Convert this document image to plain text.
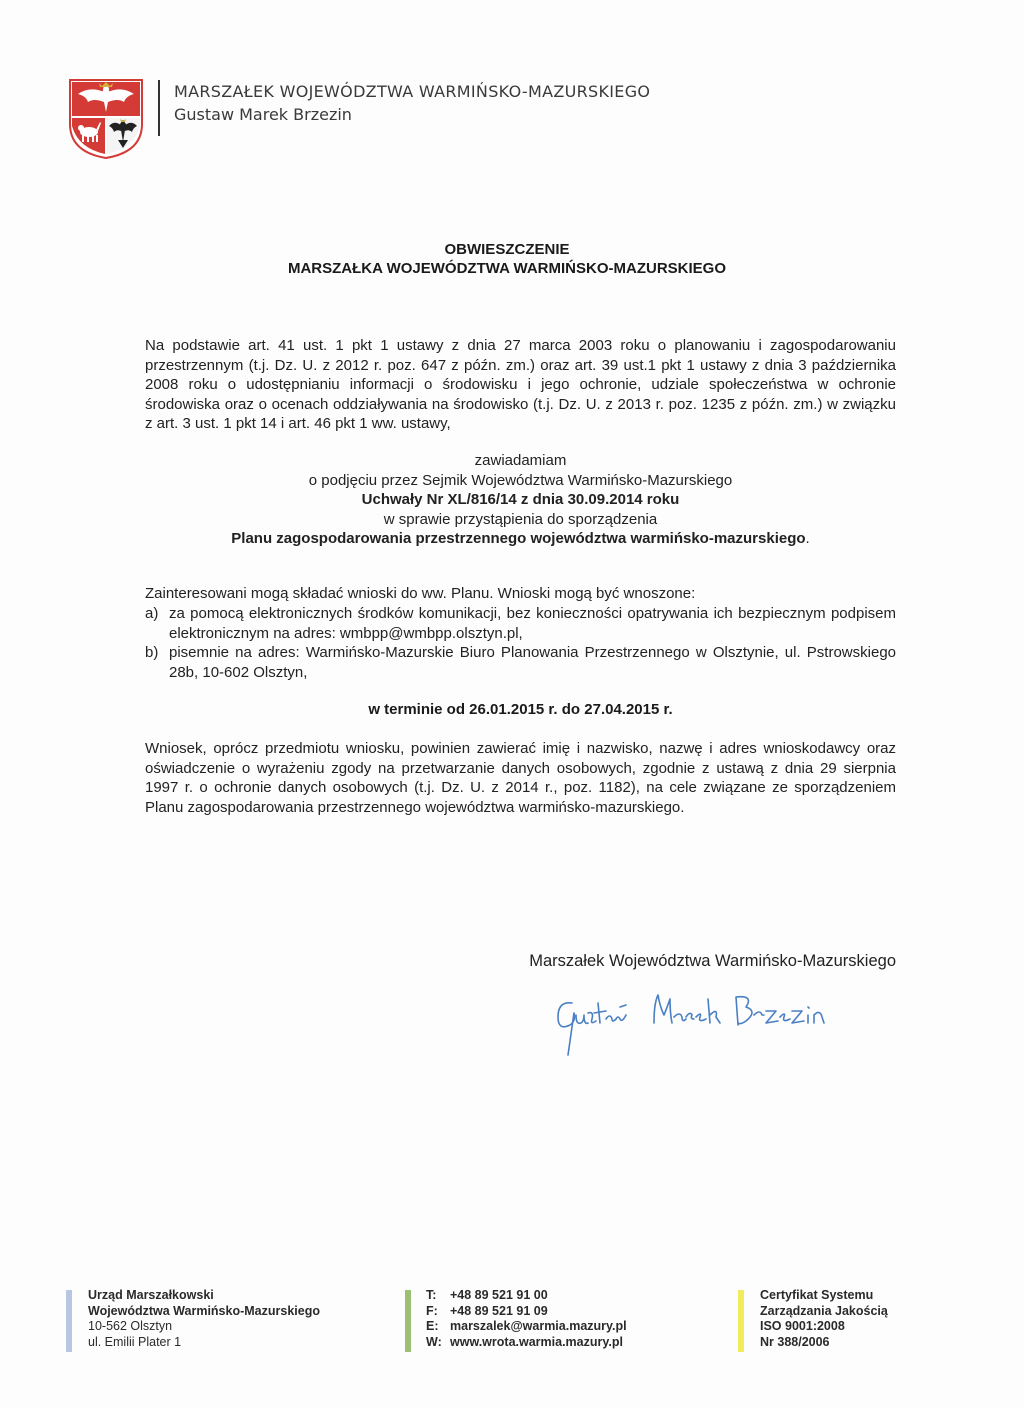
MARSZAŁEK WOJEWÓDZTWA WARMIŃSKO-MAZURSKIEGO
Gustaw Marek Brzezin
OBWIESZCZENIE
MARSZAŁKA WOJEWÓDZTWA WARMIŃSKO-MAZURSKIEGO
Na podstawie art. 41 ust. 1 pkt 1 ustawy z dnia 27 marca 2003 roku o planowaniu i zagospodarowaniu przestrzennym (t.j. Dz. U. z 2012 r. poz. 647 z późn. zm.) oraz art. 39 ust.1 pkt 1 ustawy z dnia 3 października 2008 roku o udostępnianiu informacji o środowisku i jego ochronie, udziale społeczeństwa w ochronie środowiska oraz o ocenach oddziaływania na środowisko (t.j. Dz. U. z 2013 r. poz. 1235 z późn. zm.) w związku z art. 3 ust. 1 pkt 14 i art. 46 pkt 1 ww. ustawy,
zawiadamiam
o podjęciu przez Sejmik Województwa Warmińsko-Mazurskiego
Uchwały Nr XL/816/14 z dnia 30.09.2014 roku
w sprawie przystąpienia do sporządzenia
Planu zagospodarowania przestrzennego województwa warmińsko-mazurskiego.
Zainteresowani mogą składać wnioski do ww. Planu. Wnioski mogą być wnoszone:
a) za pomocą elektronicznych środków komunikacji, bez konieczności opatrywania ich bezpiecznym podpisem elektronicznym na adres: wmbpp@wmbpp.olsztyn.pl,
b) pisemnie na adres: Warmińsko-Mazurskie Biuro Planowania Przestrzennego w Olsztynie, ul. Pstrowskiego 28b, 10-602 Olsztyn,
w terminie od 26.01.2015 r. do 27.04.2015 r.
Wniosek, oprócz przedmiotu wniosku, powinien zawierać imię i nazwisko, nazwę i adres wnioskodawcy oraz oświadczenie o wyrażeniu zgody na przetwarzanie danych osobowych, zgodnie z ustawą z dnia 29 sierpnia 1997 r. o ochronie danych osobowych (t.j. Dz. U. z 2014 r., poz. 1182), na cele związane ze sporządzeniem Planu zagospodarowania przestrzennego województwa warmińsko-mazurskiego.
Marszałek Województwa Warmińsko-Mazurskiego
Urząd Marszałkowski
Województwa Warmińsko-Mazurskiego
10-562 Olsztyn
ul. Emilii Plater 1
T: +48 89 521 91 00
F: +48 89 521 91 09
E: marszalek@warmia.mazury.pl
W: www.wrota.warmia.mazury.pl
Certyfikat Systemu
Zarządzania Jakością
ISO 9001:2008
Nr 388/2006
